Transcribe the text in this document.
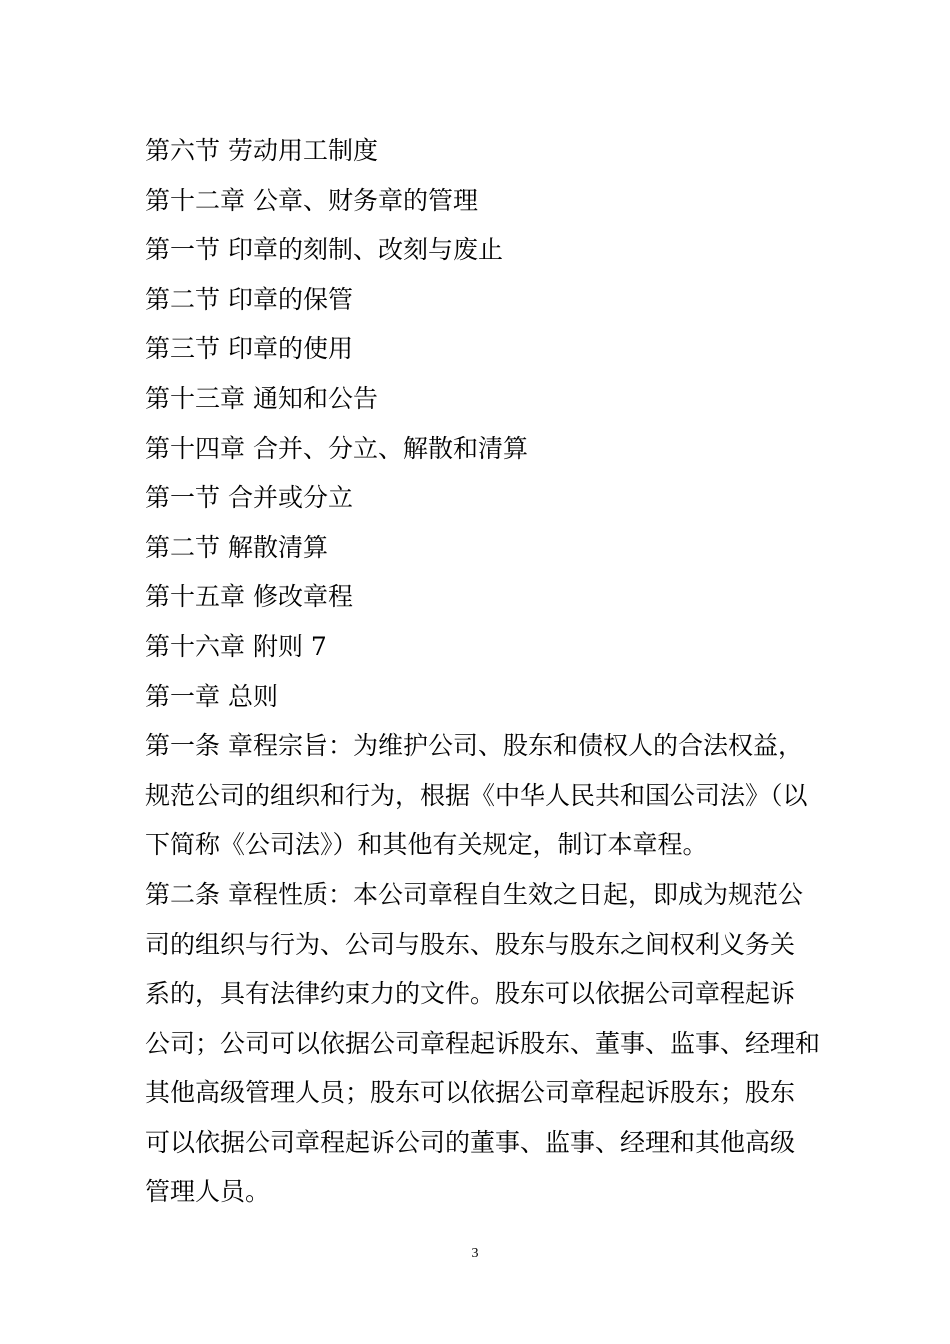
第六节 劳动用工制度
第十二章 公章、财务章的管理
第一节 印章的刻制、改刻与废止
第二节 印章的保管
第三节 印章的使用
第十三章 通知和公告
第十四章 合并、分立、解散和清算
第一节 合并或分立
第二节 解散清算
第十五章 修改章程
第十六章 附则 7
第一章 总则
第一条 章程宗旨：为维护公司、股东和债权人的合法权益，
规范公司的组织和行为，根据《中华人民共和国公司法》（以
下简称《公司法》）和其他有关规定，制订本章程。
第二条 章程性质：本公司章程自生效之日起，即成为规范公
司的组织与行为、公司与股东、股东与股东之间权利义务关
系的，具有法律约束力的文件。股东可以依据公司章程起诉
公司；公司可以依据公司章程起诉股东、董事、监事、经理和
其他高级管理人员；股东可以依据公司章程起诉股东；股东
可以依据公司章程起诉公司的董事、监事、经理和其他高级
管理人员。
3
